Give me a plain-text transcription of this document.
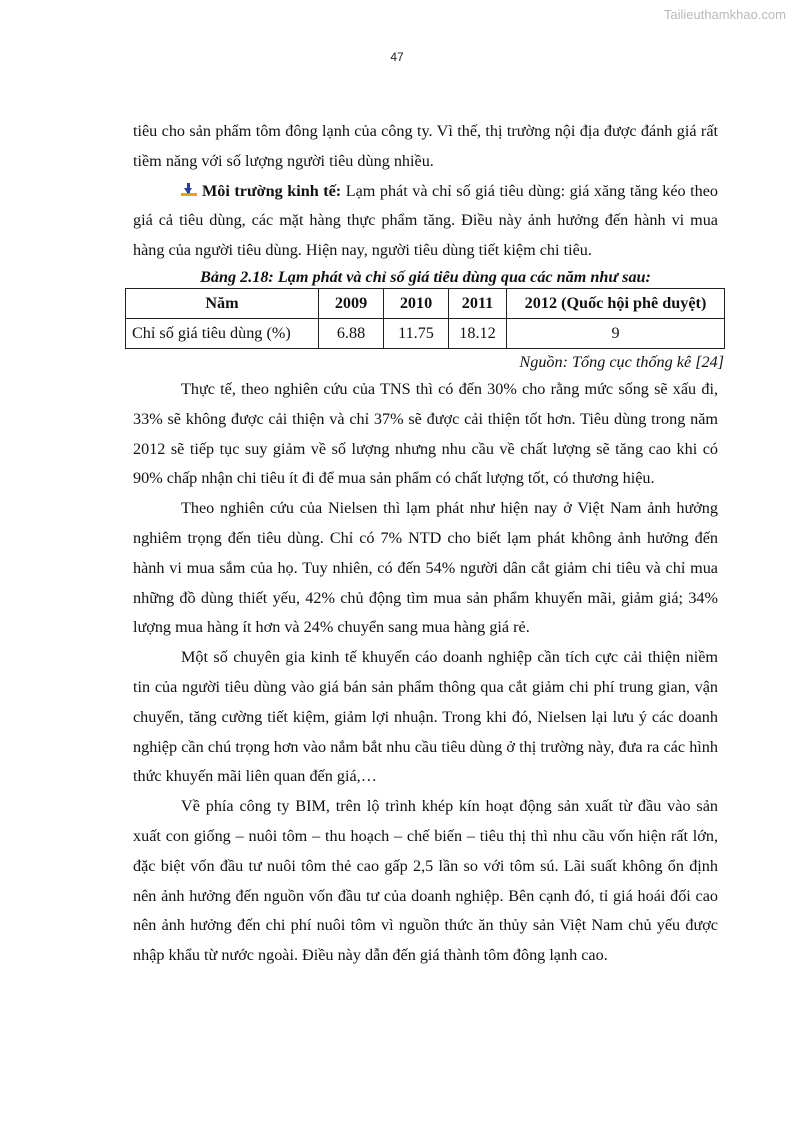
Tailieuthamkhao.com
47

tiêu cho sản phẩm tôm đông lạnh của công ty. Vì thế, thị trường nội địa được đánh giá rất tiềm năng với số lượng người tiêu dùng nhiều.

Môi trường kinh tế: Lạm phát và chỉ số giá tiêu dùng: giá xăng tăng kéo theo giá cả tiêu dùng, các mặt hàng thực phẩm tăng. Điều này ảnh hưởng đến hành vi mua hàng của người tiêu dùng. Hiện nay, người tiêu dùng tiết kiệm chi tiêu.

Bảng 2.18: Lạm phát và chỉ số giá tiêu dùng qua các năm như sau:

Năm	2009	2010	2011	2012 (Quốc hội phê duyệt)
Chỉ số giá tiêu dùng (%)	6.88	11.75	18.12	9

Nguồn: Tổng cục thống kê [24]

Thực tế, theo nghiên cứu của TNS thì có đến 30% cho rằng mức sống sẽ xấu đi, 33% sẽ không được cải thiện và chỉ 37% sẽ được cải thiện tốt hơn. Tiêu dùng trong năm 2012 sẽ tiếp tục suy giảm về số lượng nhưng nhu cầu về chất lượng sẽ tăng cao khi có 90% chấp nhận chi tiêu ít đi để mua sản phẩm có chất lượng tốt, có thương hiệu.

Theo nghiên cứu của Nielsen thì lạm phát như hiện nay ở Việt Nam ảnh hưởng nghiêm trọng đến tiêu dùng. Chỉ có 7% NTD cho biết lạm phát không ảnh hưởng đến hành vi mua sắm của họ. Tuy nhiên, có đến 54% người dân cắt giảm chi tiêu và chỉ mua những đồ dùng thiết yếu, 42% chủ động tìm mua sản phẩm khuyến mãi, giảm giá; 34% lượng mua hàng ít hơn và 24% chuyển sang mua hàng giá rẻ.

Một số chuyên gia kinh tế khuyến cáo doanh nghiệp cần tích cực cải thiện niềm tin của người tiêu dùng vào giá bán sản phẩm thông qua cắt giảm chi phí trung gian, vận chuyển, tăng cường tiết kiệm, giảm lợi nhuận. Trong khi đó, Nielsen lại lưu ý các doanh nghiệp cần chú trọng hơn vào nắm bắt nhu cầu tiêu dùng ở thị trường này, đưa ra các hình thức khuyến mãi liên quan đến giá,…

Về phía công ty BIM, trên lộ trình khép kín hoạt động sản xuất từ đầu vào sản xuất con giống – nuôi tôm – thu hoạch – chế biến – tiêu thị thì nhu cầu vốn hiện rất lớn, đặc biệt vốn đầu tư nuôi tôm thẻ cao gấp 2,5 lần so với tôm sú. Lãi suất không ổn định nên ảnh hưởng đến nguồn vốn đầu tư của doanh nghiệp. Bên cạnh đó, tỉ giá hoái đối cao nên ảnh hưởng đến chi phí nuôi tôm vì nguồn thức ăn thủy sản Việt Nam chủ yếu được nhập khẩu từ nước ngoài. Điều này dẫn đến giá thành tôm đông lạnh cao.
